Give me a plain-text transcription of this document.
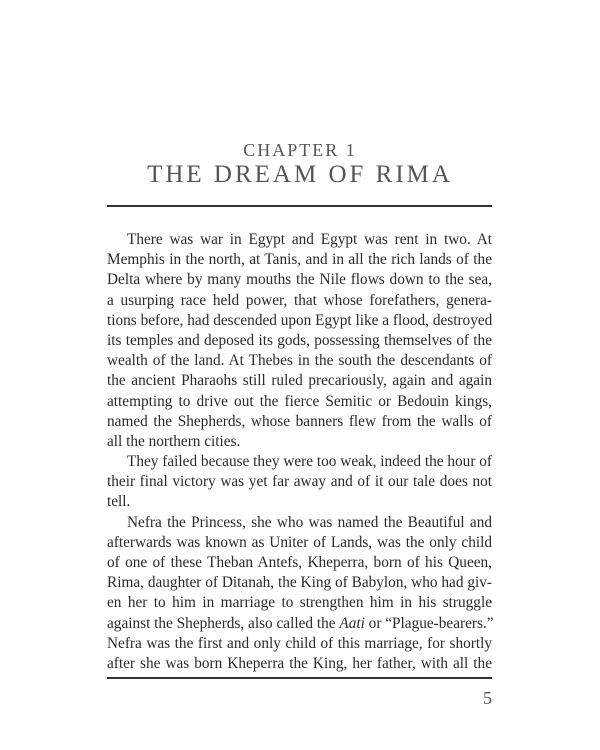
CHAPTER 1
THE DREAM OF RIMA
There was war in Egypt and Egypt was rent in two. At
Memphis in the north, at Tanis, and in all the rich lands of the
Delta where by many mouths the Nile flows down to the sea,
a usurping race held power, that whose forefathers, genera-
tions before, had descended upon Egypt like a flood, destroyed
its temples and deposed its gods, possessing themselves of the
wealth of the land. At Thebes in the south the descendants of
the ancient Pharaohs still ruled precariously, again and again
attempting to drive out the fierce Semitic or Bedouin kings,
named the Shepherds, whose banners flew from the walls of
all the northern cities.
They failed because they were too weak, indeed the hour of
their final victory was yet far away and of it our tale does not
tell.
Nefra the Princess, she who was named the Beautiful and
afterwards was known as Uniter of Lands, was the only child
of one of these Theban Antefs, Kheperra, born of his Queen,
Rima, daughter of Ditanah, the King of Babylon, who had giv-
en her to him in marriage to strengthen him in his struggle
against the Shepherds, also called the Aati or “Plague-bearers.”
Nefra was the first and only child of this marriage, for shortly
after she was born Kheperra the King, her father, with all the
5
